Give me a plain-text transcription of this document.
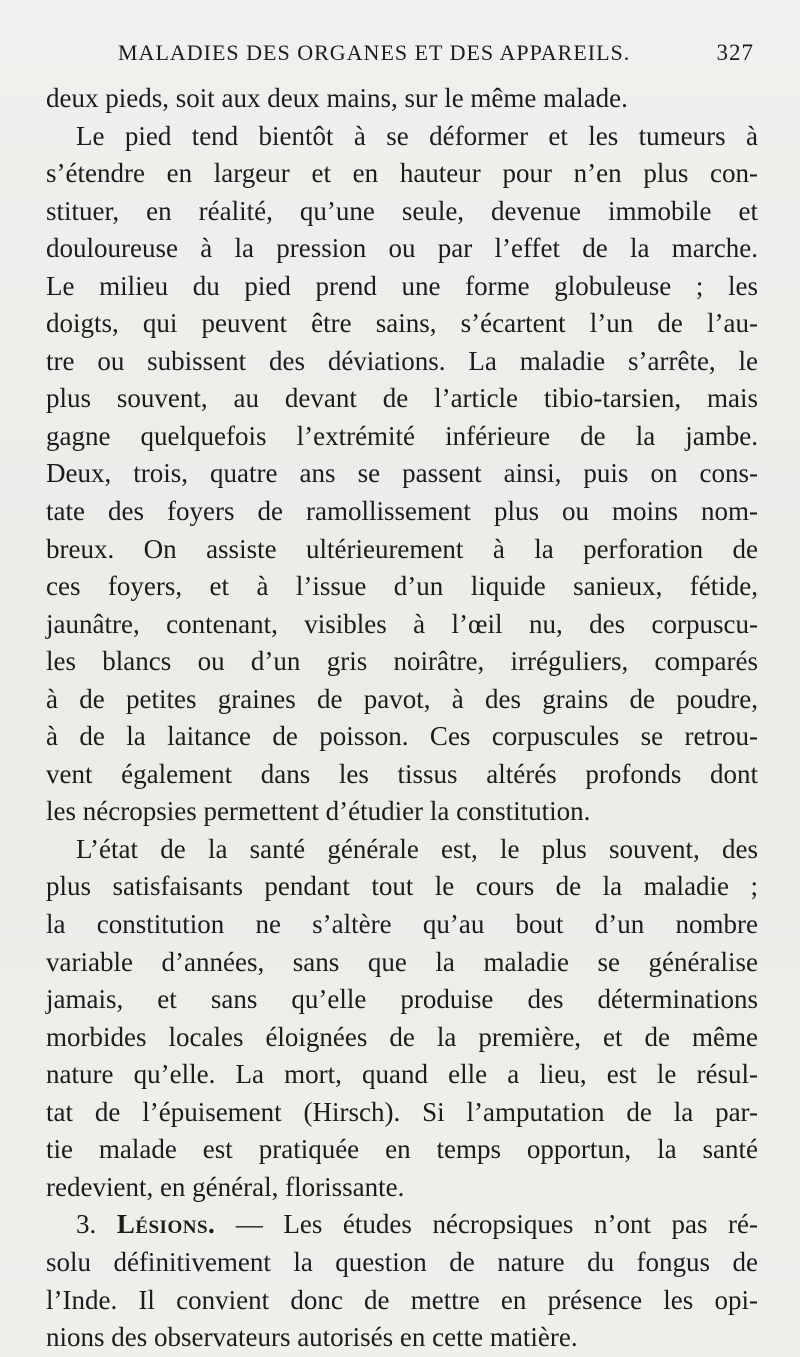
MALADIES DES ORGANES ET DES APPAREILS.	327
deux pieds, soit aux deux mains, sur le même malade.
Le pied tend bientôt à se déformer et les tumeurs à
s’étendre en largeur et en hauteur pour n’en plus con-
stituer, en réalité, qu’une seule, devenue immobile et
douloureuse à la pression ou par l’effet de la marche.
Le milieu du pied prend une forme globuleuse ; les
doigts, qui peuvent être sains, s’écartent l’un de l’au-
tre ou subissent des déviations. La maladie s’arrête, le
plus souvent, au devant de l’article tibio-tarsien, mais
gagne quelquefois l’extrémité inférieure de la jambe.
Deux, trois, quatre ans se passent ainsi, puis on cons-
tate des foyers de ramollissement plus ou moins nom-
breux. On assiste ultérieurement à la perforation de
ces foyers, et à l’issue d’un liquide sanieux, fétide,
jaunâtre, contenant, visibles à l’œil nu, des corpuscu-
les blancs ou d’un gris noirâtre, irréguliers, comparés
à de petites graines de pavot, à des grains de poudre,
à de la laitance de poisson. Ces corpuscules se retrou-
vent également dans les tissus altérés profonds dont
les nécropsies permettent d’étudier la constitution.
L’état de la santé générale est, le plus souvent, des
plus satisfaisants pendant tout le cours de la maladie ;
la constitution ne s’altère qu’au bout d’un nombre
variable d’années, sans que la maladie se généralise
jamais, et sans qu’elle produise des déterminations
morbides locales éloignées de la première, et de même
nature qu’elle. La mort, quand elle a lieu, est le résul-
tat de l’épuisement (Hirsch). Si l’amputation de la par-
tie malade est pratiquée en temps opportun, la santé
redevient, en général, florissante.
3. Lésions. — Les études nécropsiques n’ont pas ré-
solu définitivement la question de nature du fongus de
l’Inde. Il convient donc de mettre en présence les opi-
nions des observateurs autorisés en cette matière.
